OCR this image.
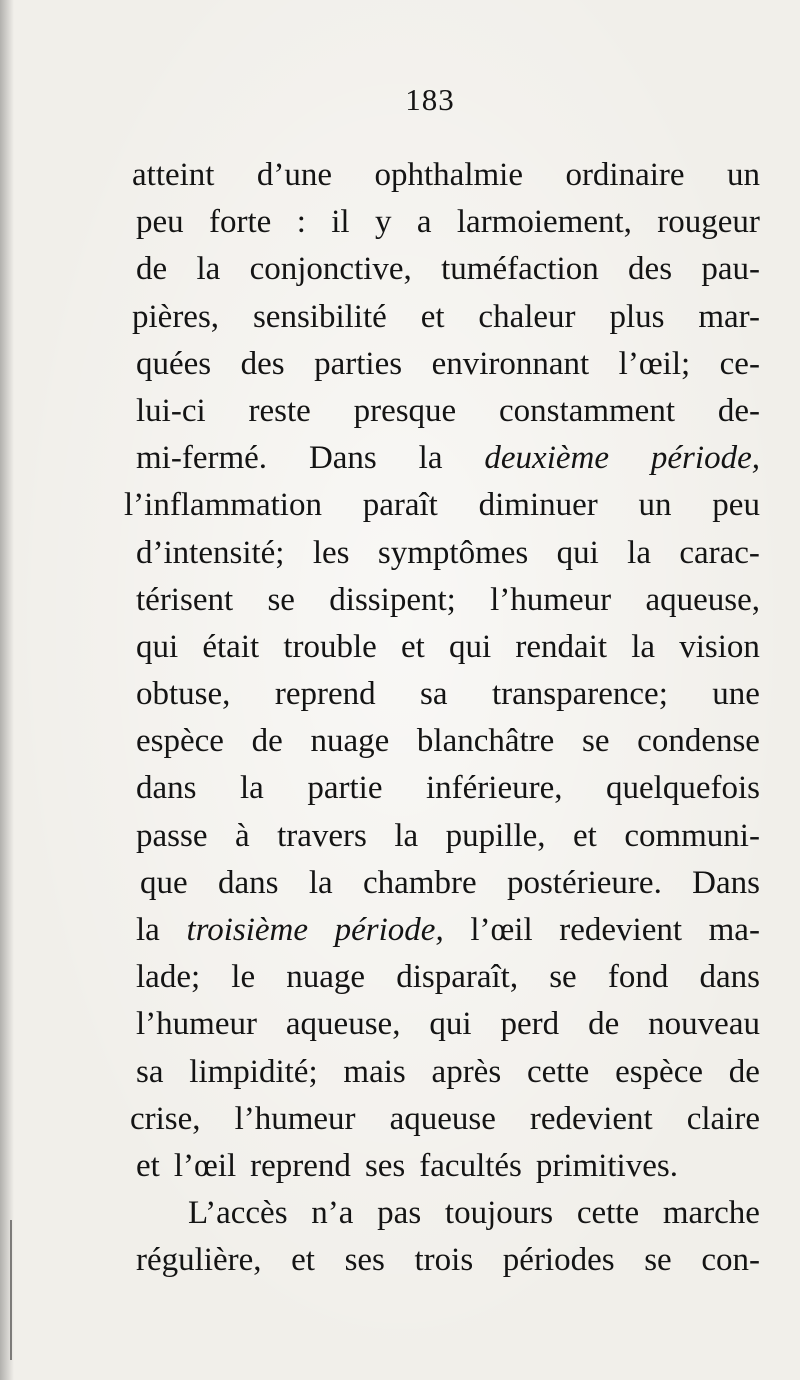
183
atteint d’une ophthalmie ordinaire un
peu forte : il y a larmoiement, rougeur
de la conjonctive, tuméfaction des pau-
pières, sensibilité et chaleur plus mar-
quées des parties environnant l’œil; ce-
lui-ci reste presque constamment de-
mi-fermé. Dans la deuxième période,
l’inflammation paraît diminuer un peu
d’intensité; les symptômes qui la carac-
térisent se dissipent; l’humeur aqueuse,
qui était trouble et qui rendait la vision
obtuse, reprend sa transparence; une
espèce de nuage blanchâtre se condense
dans la partie inférieure, quelquefois
passe à travers la pupille, et communi-
que dans la chambre postérieure. Dans
la troisième période, l’œil redevient ma-
lade; le nuage disparaît, se fond dans
l’humeur aqueuse, qui perd de nouveau
sa limpidité; mais après cette espèce de
crise, l’humeur aqueuse redevient claire
et l’œil reprend ses facultés primitives.
L’accès n’a pas toujours cette marche
régulière, et ses trois périodes se con-
